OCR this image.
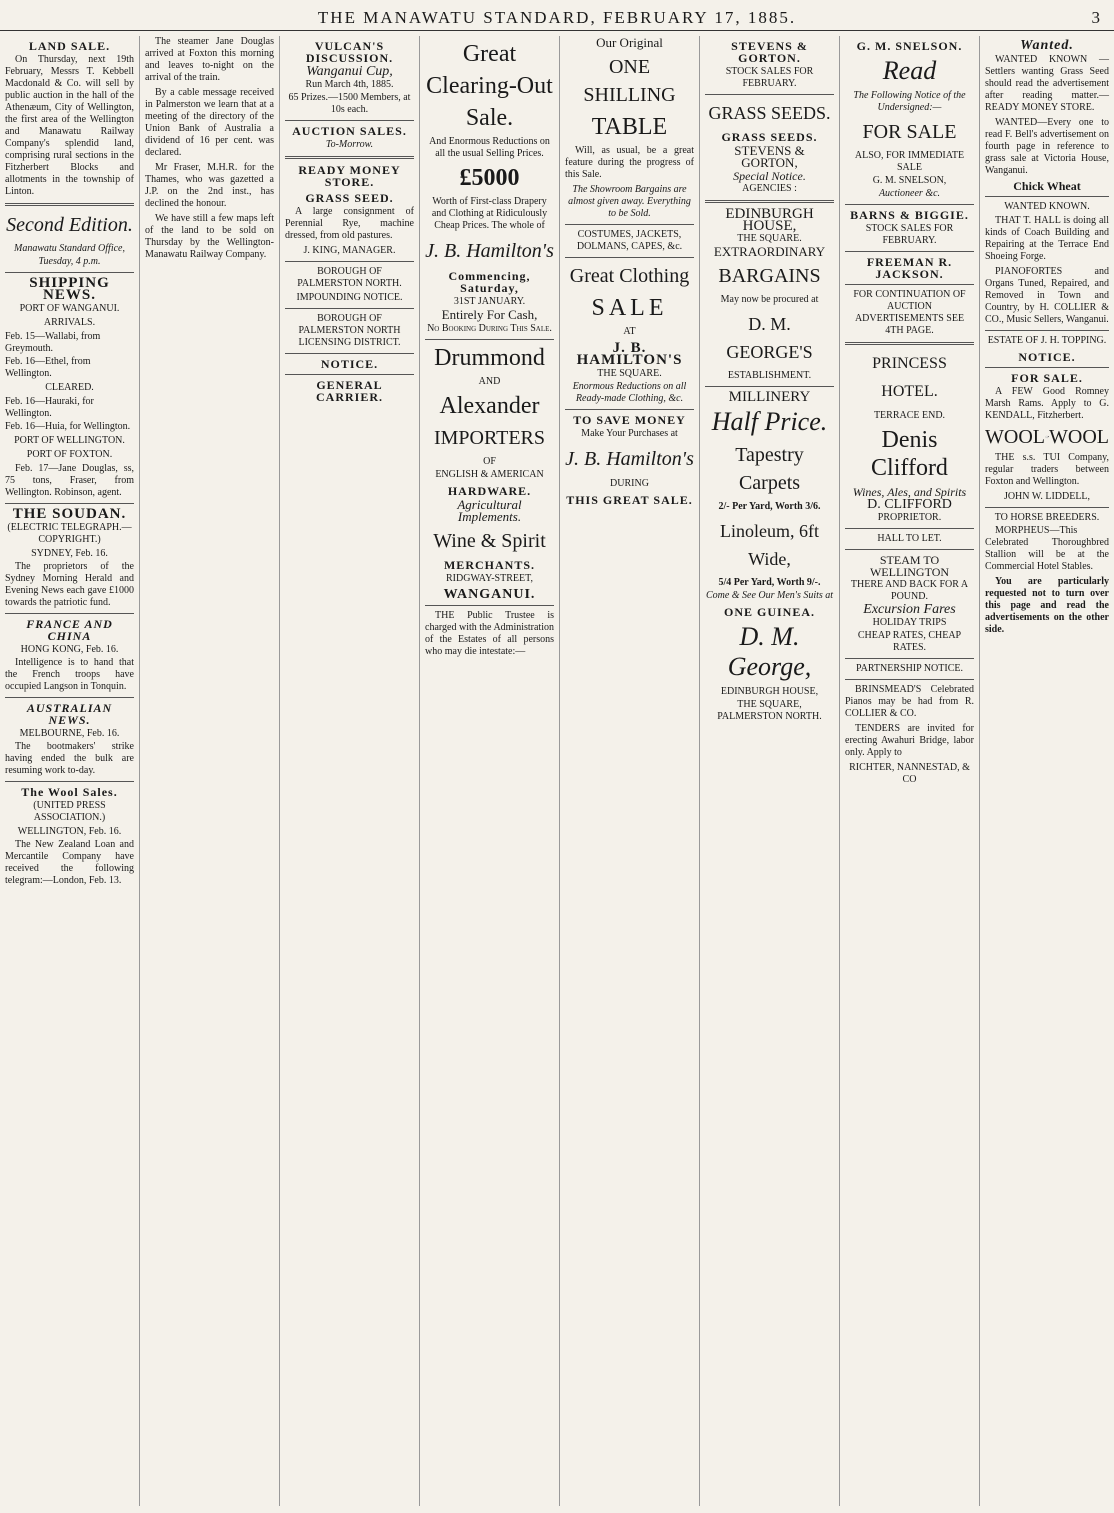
THE MANAWATU STANDARD, FEBRUARY 17, 1885.	3
LAND SALE.

On Thursday, next 19th February, Messrs T. Kebbell Macdonald & Co. will sell by public auction in the hall of the Athenæum, City of Wellington, the first area of the Wellington and Manawatu Railway Company's splendid land, comprising rural sections in the Fitzherbert Blocks and allotments in the township of Linton.

Second Edition.
Manawatu Standard Office,
Tuesday, 4 p.m.
SHIPPING NEWS.
PORT OF WANGANUI.
ARRIVALS.
Feb. 15—Wallabi, from Greymouth.
Feb. 16—Ethel, from Wellington.
CLEARED.
Feb. 16—Hauraki, for Wellington.
Feb. 16—Huia, for Wellington.
PORT OF WELLINGTON.
PORT OF FOXTON.

Feb. 17—Jane Douglas, ss, 75 tons, Fraser, from Wellington. Robinson, agent.

THE SOUDAN.
(ELECTRIC TELEGRAPH.—COPYRIGHT.)
SYDNEY, Feb. 16.

The proprietors of the Sydney Morning Herald and Evening News each gave £1000 towards the patriotic fund.

FRANCE AND CHINA
HONG KONG, Feb. 16.

Intelligence is to hand that the French troops have occupied Langson in Tonquin.

AUSTRALIAN NEWS.
MELBOURNE, Feb. 16.

The bootmakers' strike having ended the bulk are resuming work to-day.

The Wool Sales.
(UNITED PRESS ASSOCIATION.)
WELLINGTON, Feb. 16.

The New Zealand Loan and Mercantile Company have received the following telegram:—London, Feb. 13.

The steamer Jane Douglas arrived at Foxton this morning and leaves to-night on the arrival of the train.

By a cable message received in Palmerston we learn that at a meeting of the directory of the Union Bank of Australia a dividend of 16 per cent. was declared.

Mr Fraser, M.H.R. for the Thames, who was gazetted a J.P. on the 2nd inst., has declined the honour.

We have still a few maps left of the land to be sold on Thursday by the Wellington-Manawatu Railway Company.

VULCAN'S DISCUSSION.
Wanganui Cup,
Run March 4th, 1885.
65 Prizes.—1500 Members, at 10s each.
AUCTION SALES.
To-Morrow.
READY MONEY STORE.
GRASS SEED.

A large consignment of Perennial Rye, machine dressed, from old pastures.

J. KING, MANAGER.
BOROUGH OF PALMERSTON NORTH.
IMPOUNDING NOTICE.
BOROUGH OF PALMERSTON NORTH LICENSING DISTRICT.
NOTICE.
GENERAL CARRIER.
Great
Clearing-Out
Sale.

And Enormous Reductions on all the usual Selling Prices.

£5000

Worth of First-class Drapery and Clothing at Ridiculously Cheap Prices. The whole of

J. B. Hamilton's
Commencing, Saturday,
31ST JANUARY.
Entirely For Cash,
No Booking During This Sale.
Drummond
AND
Alexander
IMPORTERS
OF
ENGLISH & AMERICAN
HARDWARE.
Agricultural Implements.
Wine & Spirit
MERCHANTS.
RIDGWAY-STREET,
WANGANUI.

THE Public Trustee is charged with the Administration of the Estates of all persons who may die intestate:—

Our Original
ONE SHILLING
TABLE

Will, as usual, be a great feature during the progress of this Sale.

The Showroom Bargains are almost given away. Everything to be Sold.

COSTUMES, JACKETS, DOLMANS, CAPES, &c.
Great Clothing
SALE
AT
J. B. HAMILTON'S
THE SQUARE.

Enormous Reductions on all Ready-made Clothing, &c.

TO SAVE MONEY
Make Your Purchases at
J. B. Hamilton's
DURING
THIS GREAT SALE.
STEVENS & GORTON.
STOCK SALES FOR FEBRUARY.
GRASS SEEDS.
GRASS SEEDS.
STEVENS & GORTON,
Special Notice.
AGENCIES :
EDINBURGH HOUSE,
THE SQUARE.
EXTRAORDINARY
BARGAINS
May now be procured at
D. M. GEORGE'S
ESTABLISHMENT.
MILLINERY
Half Price.
Tapestry Carpets
2/- Per Yard, Worth 3/6.
Linoleum, 6ft Wide,
5/4 Per Yard, Worth 9/-.
Come & See Our Men's Suits at
ONE GUINEA.
D. M. George,
EDINBURGH HOUSE,
THE SQUARE, PALMERSTON NORTH.
G. M. SNELSON.
Read
The Following Notice of the Undersigned:—
FOR SALE
ALSO, FOR IMMEDIATE SALE
G. M. SNELSON,
Auctioneer &c.
BARNS & BIGGIE.
STOCK SALES FOR FEBRUARY.
FREEMAN R. JACKSON.
FOR CONTINUATION OF AUCTION ADVERTISEMENTS SEE 4TH PAGE.
PRINCESS HOTEL.
TERRACE END.
Denis Clifford
Wines, Ales, and Spirits
D. CLIFFORD
PROPRIETOR.
HALL TO LET.
STEAM TO WELLINGTON
THERE AND BACK FOR A POUND.
Excursion Fares
HOLIDAY TRIPS
CHEAP RATES, CHEAP RATES.
PARTNERSHIP NOTICE.

BRINSMEAD'S Celebrated Pianos may be had from R. COLLIER & CO.

TENDERS are invited for erecting Awahuri Bridge, labor only. Apply to

RICHTER, NANNESTAD, & CO
Wanted.

WANTED KNOWN — Settlers wanting Grass Seed should read the advertisement after reading matter.—READY MONEY STORE.

WANTED—Every one to read F. Bell's advertisement on fourth page in reference to grass sale at Victoria House, Wanganui.

Chick Wheat
WANTED KNOWN.

THAT T. HALL is doing all kinds of Coach Building and Repairing at the Terrace End Shoeing Forge.

PIANOFORTES and Organs Tuned, Repaired, and Removed in Town and Country, by H. COLLIER & CO., Music Sellers, Wanganui.

ESTATE OF J. H. TOPPING.
NOTICE.
FOR SALE.

A FEW Good Romney Marsh Rams. Apply to G. KENDALL, Fitzherbert.

WOOL WOOL

THE s.s. TUI Company, regular traders between Foxton and Wellington.

JOHN W. LIDDELL,
TO HORSE BREEDERS.

MORPHEUS—This Celebrated Thoroughbred Stallion will be at the Commercial Hotel Stables.

You are particularly requested not to turn over this page and read the advertisements on the other side.
